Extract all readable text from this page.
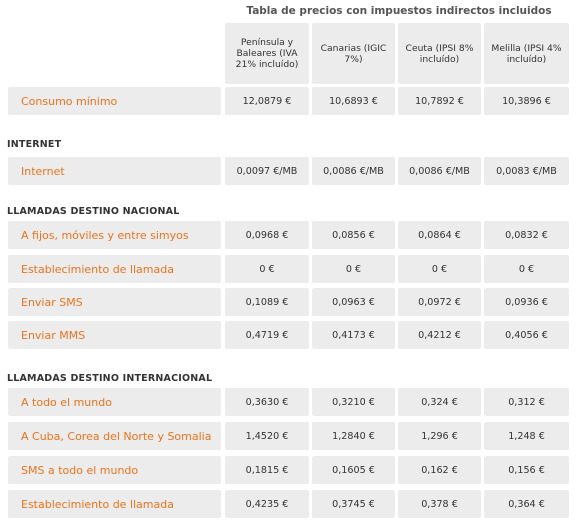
Tabla de precios con impuestos indirectos incluidos
Península y Baleares (IVA 21% incluído)
Canarias (IGIC 7%)
Ceuta (IPSI 8% incluído)
Melilla (IPSI 4% incluído)
Consumo mínimo	12,0879 €	10,6893 €	10,7892 €	10,3896 €
INTERNET
Internet	0,0097 €/MB	0,0086 €/MB	0,0086 €/MB	0,0083 €/MB
LLAMADAS DESTINO NACIONAL
A fijos, móviles y entre simyos	0,0968 €	0,0856 €	0,0864 €	0,0832 €
Establecimiento de llamada	0 €	0 €	0 €	0 €
Enviar SMS	0,1089 €	0,0963 €	0,0972 €	0,0936 €
Enviar MMS	0,4719 €	0,4173 €	0,4212 €	0,4056 €
LLAMADAS DESTINO INTERNACIONAL
A todo el mundo	0,3630 €	0,3210 €	0,324 €	0,312 €
A Cuba, Corea del Norte y Somalia	1,4520 €	1,2840 €	1,296 €	1,248 €
SMS a todo el mundo	0,1815 €	0,1605 €	0,162 €	0,156 €
Establecimiento de llamada	0,4235 €	0,3745 €	0,378 €	0,364 €
